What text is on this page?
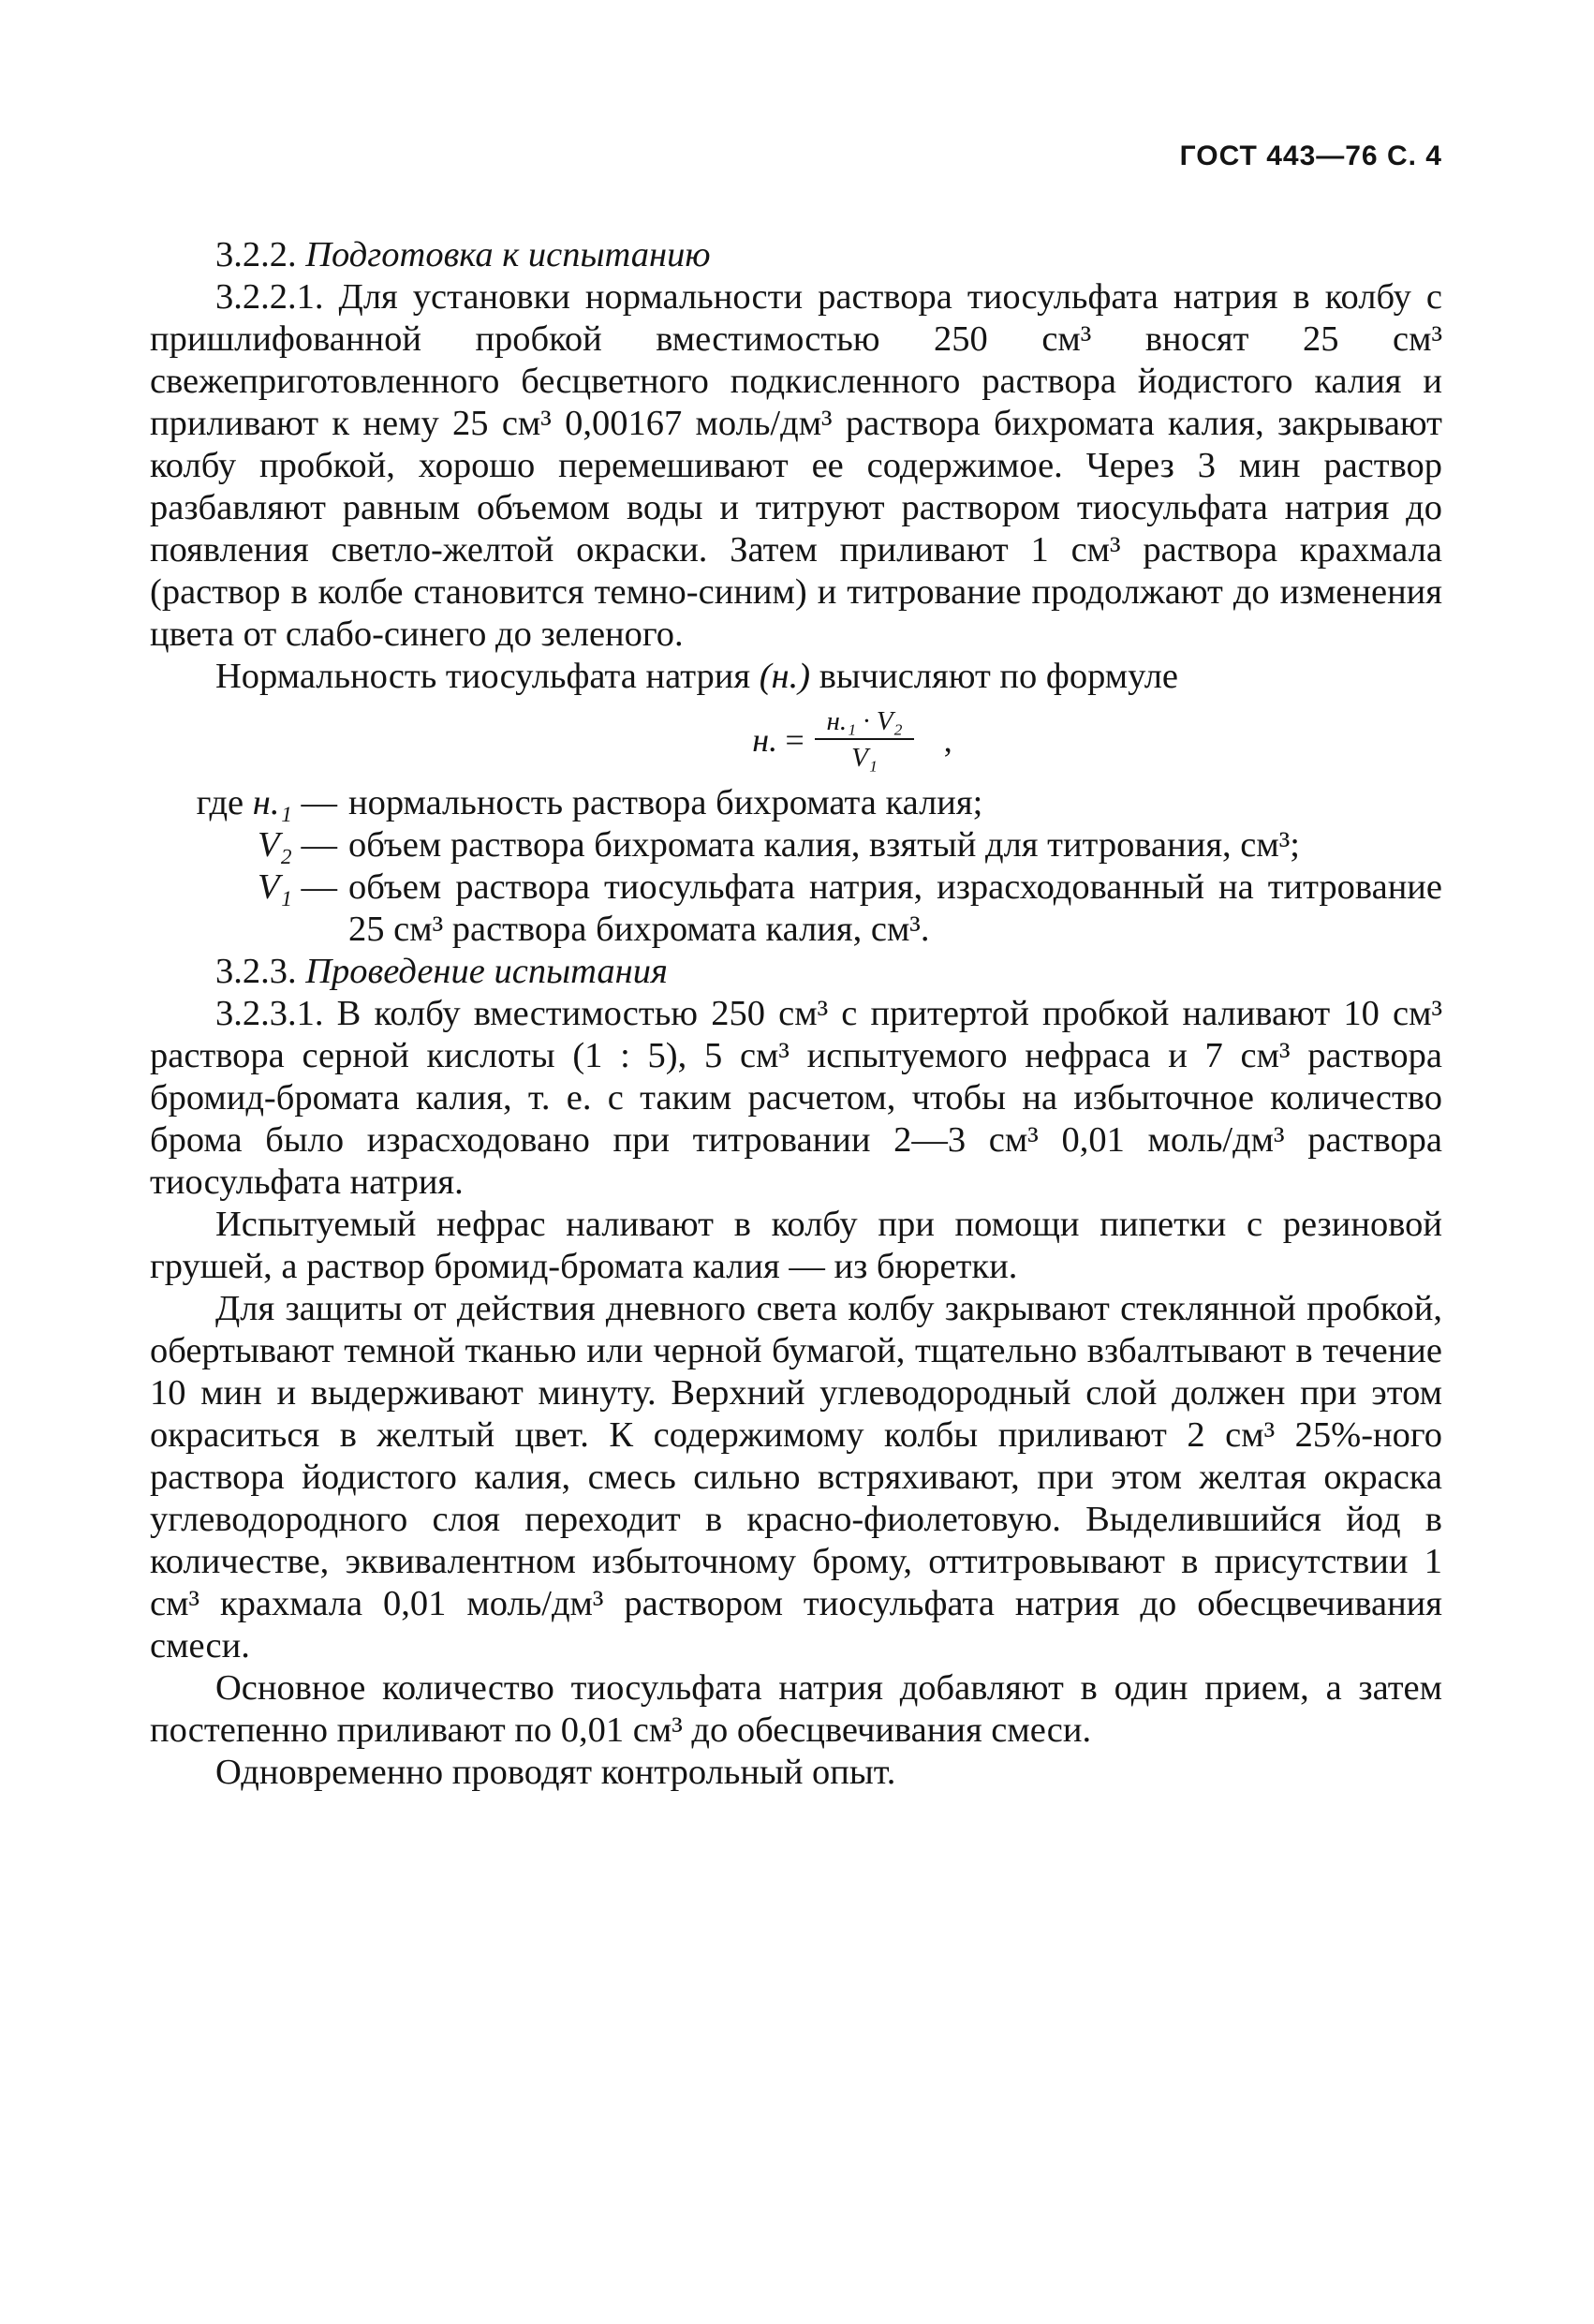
ГОСТ 443—76 С. 4

3.2.2. Подготовка к испытанию

3.2.2.1. Для установки нормальности раствора тиосульфата натрия в колбу с пришлифованной пробкой вместимостью 250 см³ вносят 25 см³ свежеприготовленного бесцветного подкисленного раствора йодистого калия и приливают к нему 25 см³ 0,00167 моль/дм³ раствора бихромата калия, закрывают колбу пробкой, хорошо перемешивают ее содержимое. Через 3 мин раствор разбавляют равным объемом воды и титруют раствором тиосульфата натрия до появления светло-желтой окраски. Затем приливают 1 см³ раствора крахмала (раствор в колбе становится темно-синим) и титрование продолжают до изменения цвета от слабо-синего до зеленого.

Нормальность тиосульфата натрия (н.) вычисляют по формуле

н. = $\frac{\text{н.₁ · V₂}}{\text{V₁}}$ ,
где н.₁ — нормальность раствора бихромата калия;
V₂ — объем раствора бихромата калия, взятый для титрования, см³;
V₁ — объем раствора тиосульфата натрия, израсходованный на титрование 25 см³ раствора бихромата калия, см³.

3.2.3. Проведение испытания

3.2.3.1. В колбу вместимостью 250 см³ с притертой пробкой наливают 10 см³ раствора серной кислоты (1 : 5), 5 см³ испытуемого нефраса и 7 см³ раствора бромид-бромата калия, т. е. с таким расчетом, чтобы на избыточное количество брома было израсходовано при титровании 2—3 см³ 0,01 моль/дм³ раствора тиосульфата натрия.

Испытуемый нефрас наливают в колбу при помощи пипетки с резиновой грушей, а раствор бромид-бромата калия — из бюретки.

Для защиты от действия дневного света колбу закрывают стеклянной пробкой, обертывают темной тканью или черной бумагой, тщательно взбалтывают в течение 10 мин и выдерживают минуту. Верхний углеводородный слой должен при этом окраситься в желтый цвет. К содержимому колбы приливают 2 см³ 25%-ного раствора йодистого калия, смесь сильно встряхивают, при этом желтая окраска углеводородного слоя переходит в красно-фиолетовую. Выделившийся йод в количестве, эквивалентном избыточному брому, оттитровывают в присутствии 1 см³ крахмала 0,01 моль/дм³ раствором тиосульфата натрия до обесцвечивания смеси.

Основное количество тиосульфата натрия добавляют в один прием, а затем постепенно приливают по 0,01 см³ до обесцвечивания смеси.

Одновременно проводят контрольный опыт.
